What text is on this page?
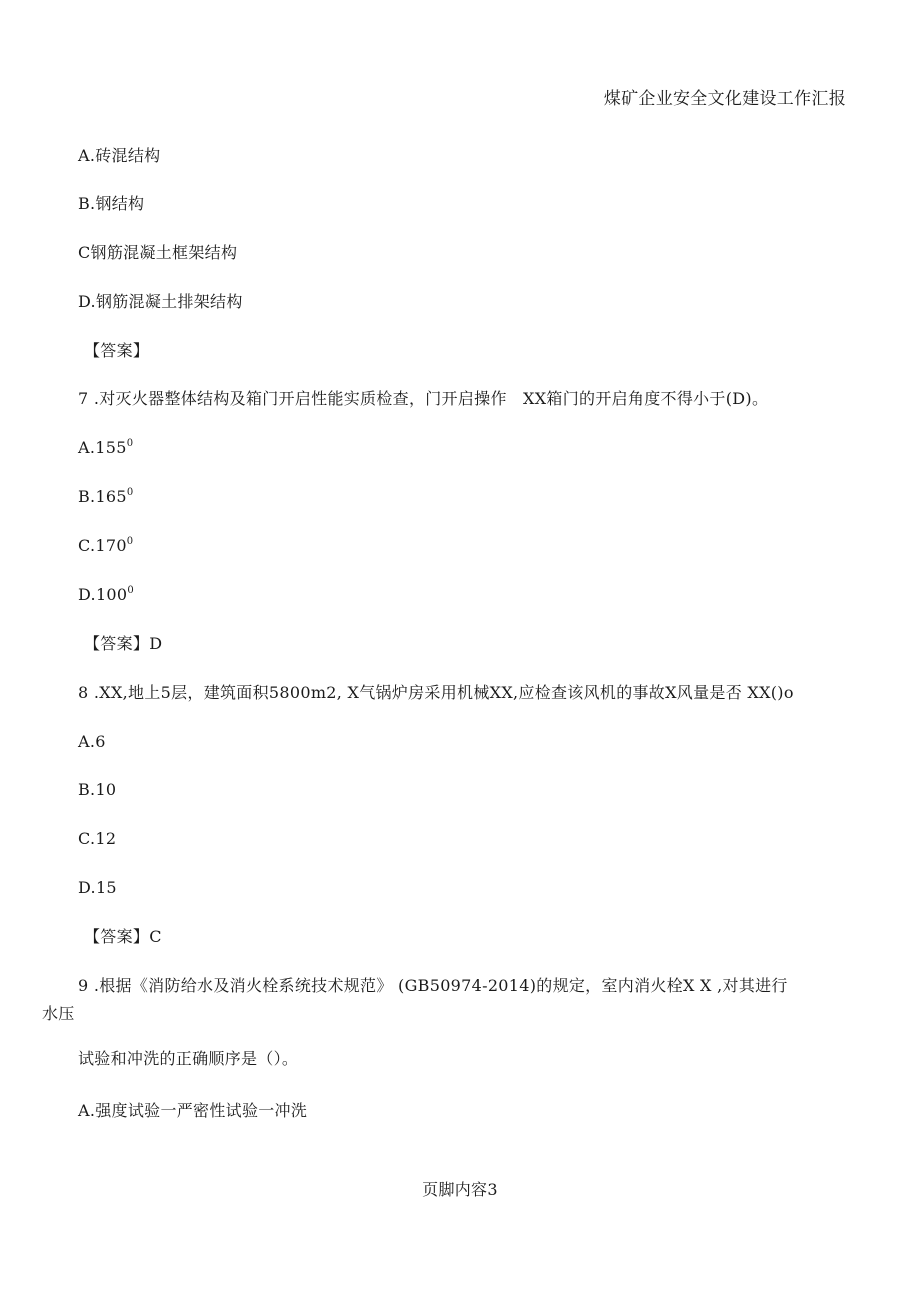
煤矿企业安全文化建设工作汇报
A.砖混结构
B.钢结构
C钢筋混凝土框架结构
D.钢筋混凝土排架结构
【答案】
7 .对灭火器整体结构及箱门开启性能实质检查，门开启操作　XX箱门的开启角度不得小于(D)。
A.155$^0$
B.165$^0$
C.170$^0$
D.100$^0$
【答案】D
8 .XX,地上5层，建筑面积5800m2, X气锅炉房采用机械XX,应检查该风机的事故X风量是否 XX()o
A.6
B.10
C.12
D.15
【答案】C
9 .根据《消防给水及消火栓系统技术规范》 (GB50974-2014)的规定，室内消火栓X X ,对其进行
水压
试验和冲洗的正确顺序是（）。
A.强度试验一严密性试验一冲洗
页脚内容3
